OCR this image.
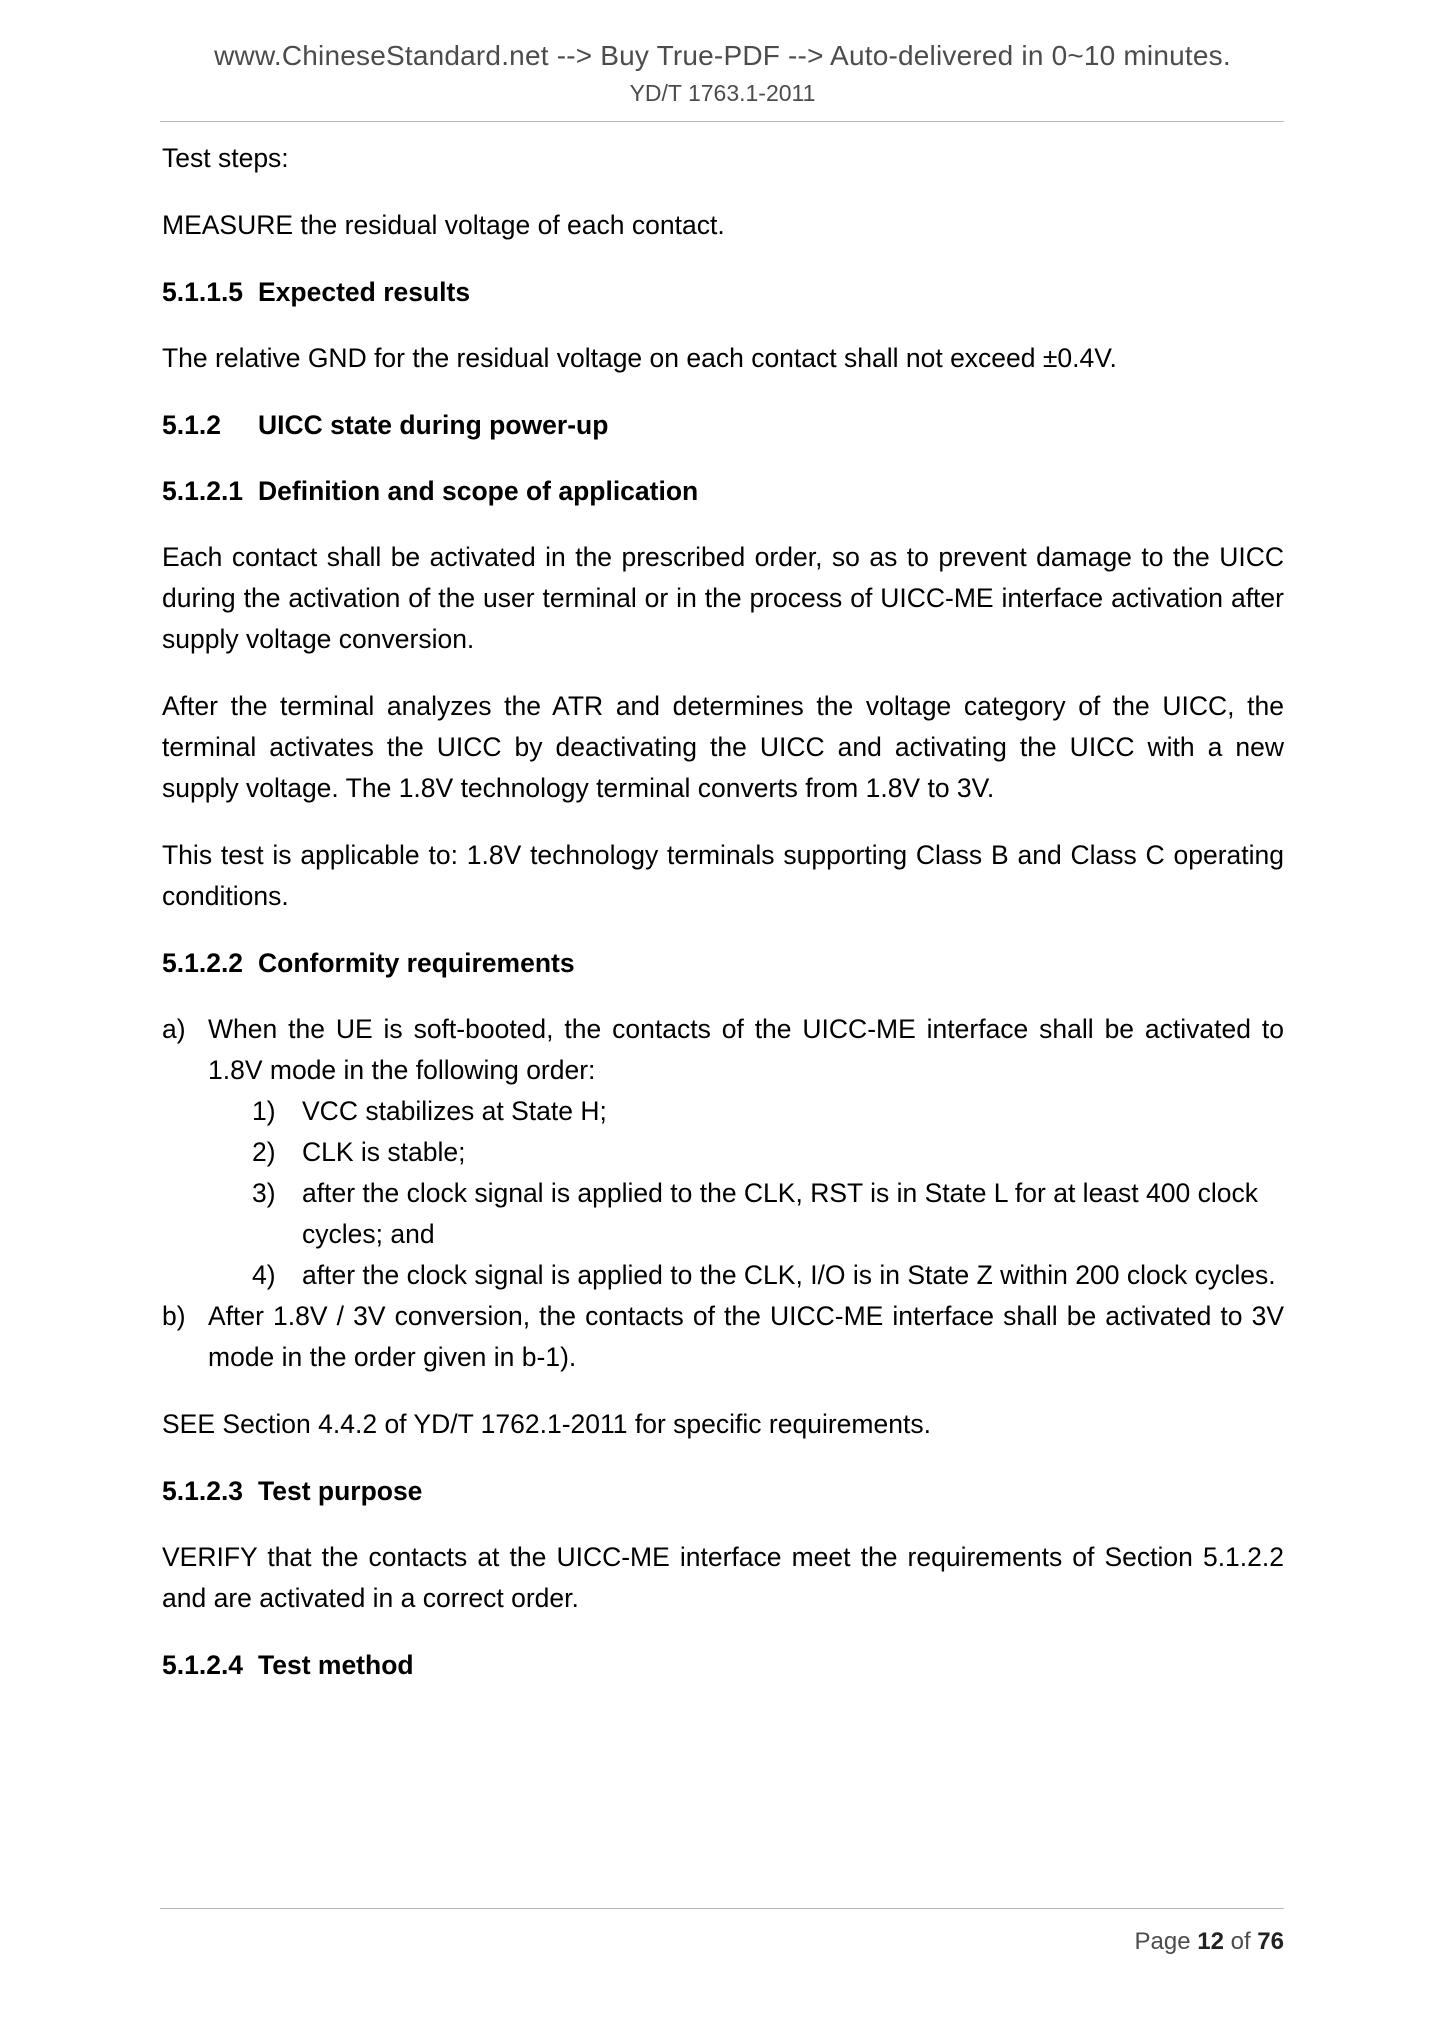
www.ChineseStandard.net --> Buy True-PDF --> Auto-delivered in 0~10 minutes.
YD/T 1763.1-2011

Test steps:

MEASURE the residual voltage of each contact.

5.1.1.5 Expected results

The relative GND for the residual voltage on each contact shall not exceed ±0.4V.

5.1.2 UICC state during power-up
5.1.2.1 Definition and scope of application

Each contact shall be activated in the prescribed order, so as to prevent damage to the UICC during the activation of the user terminal or in the process of UICC-ME interface activation after supply voltage conversion.

After the terminal analyzes the ATR and determines the voltage category of the UICC, the terminal activates the UICC by deactivating the UICC and activating the UICC with a new supply voltage. The 1.8V technology terminal converts from 1.8V to 3V.

This test is applicable to: 1.8V technology terminals supporting Class B and Class C operating conditions.

5.1.2.2 Conformity requirements
a) When the UE is soft-booted, the contacts of the UICC-ME interface shall be activated to 1.8V mode in the following order:
1) VCC stabilizes at State H;
2) CLK is stable;
3) after the clock signal is applied to the CLK, RST is in State L for at least 400 clock cycles; and
4) after the clock signal is applied to the CLK, I/O is in State Z within 200 clock cycles.
b) After 1.8V / 3V conversion, the contacts of the UICC-ME interface shall be activated to 3V mode in the order given in b-1).

SEE Section 4.4.2 of YD/T 1762.1-2011 for specific requirements.

5.1.2.3 Test purpose

VERIFY that the contacts at the UICC-ME interface meet the requirements of Section 5.1.2.2 and are activated in a correct order.

5.1.2.4 Test method
Page 12 of 76
